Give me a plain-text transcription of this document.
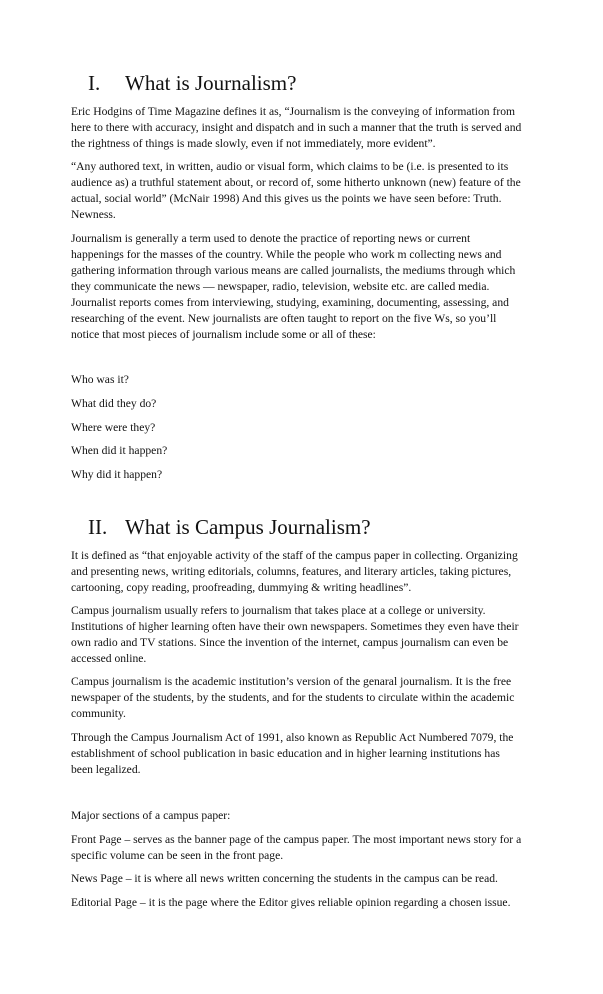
I. What is Journalism?
Eric Hodgins of Time Magazine defines it as, “Journalism is the conveying of information from
here to there with accuracy, insight and dispatch and in such a manner that the truth is served and
the rightness of things is made slowly, even if not immediately, more evident”.
“Any authored text, in written, audio or visual form, which claims to be (i.e. is presented to its
audience as) a truthful statement about, or record of, some hitherto unknown (new) feature of the
actual, social world” (McNair 1998) And this gives us the points we have seen before: Truth.
Newness.
Journalism is generally a term used to denote the practice of reporting news or current
happenings for the masses of the country. While the people who work m collecting news and
gathering information through various means are called journalists, the mediums through which
they communicate the news — newspaper, radio, television, website etc. are called media.
Journalist reports comes from interviewing, studying, examining, documenting, assessing, and
researching of the event. New journalists are often taught to report on the five Ws, so you’ll
notice that most pieces of journalism include some or all of these:
Who was it?
What did they do?
Where were they?
When did it happen?
Why did it happen?
II. What is Campus Journalism?
It is defined as “that enjoyable activity of the staff of the campus paper in collecting. Organizing
and presenting news, writing editorials, columns, features, and literary articles, taking pictures,
cartooning, copy reading, proofreading, dummying & writing headlines”.
Campus journalism usually refers to journalism that takes place at a college or university.
Institutions of higher learning often have their own newspapers. Sometimes they even have their
own radio and TV stations. Since the invention of the internet, campus journalism can even be
accessed online.
Campus journalism is the academic institution’s version of the genaral journalism. It is the free
newspaper of the students, by the students, and for the students to circulate within the academic
community.
Through the Campus Journalism Act of 1991, also known as Republic Act Numbered 7079, the
establishment of school publication in basic education and in higher learning institutions has
been legalized.
Major sections of a campus paper:
Front Page – serves as the banner page of the campus paper. The most important news story for a
specific volume can be seen in the front page.
News Page – it is where all news written concerning the students in the campus can be read.
Editorial Page – it is the page where the Editor gives reliable opinion regarding a chosen issue.
